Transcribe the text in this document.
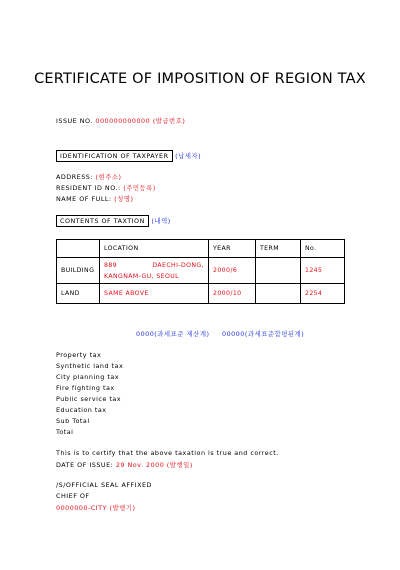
CERTIFICATE OF IMPOSITION OF REGION TAX
ISSUE NO. 000000000000 (발급번호)
IDENTIFICATION OF TAXPAYER (납세자)
ADDRESS: (현주소)
RESIDENT ID NO.: (주민등록)
NAME OF FULL: (성명)
CONTENTS OF TAXTION (내역)
	LOCATION	YEAR	TERM	No.
BUILDING	889 DAECHI-DONG,
KANGNAM-GU, SEOUL	2000/6		1245
LAND	SAME ABOVE	2000/10		2254
0000(과세표준 제산계) 00000(과세표준합평된계)
Property tax
Synthetic land tax
City planning tax
Fire fighting tax
Public service tax
Education tax
Sub Total
Total
This is to certify that the above taxation is true and correct.
DATE OF ISSUE: 29 Nov. 2000 (발행일)
/S/OFFICIAL SEAL AFFIXED
CHIEF OF
0000000-CITY (발행기)
